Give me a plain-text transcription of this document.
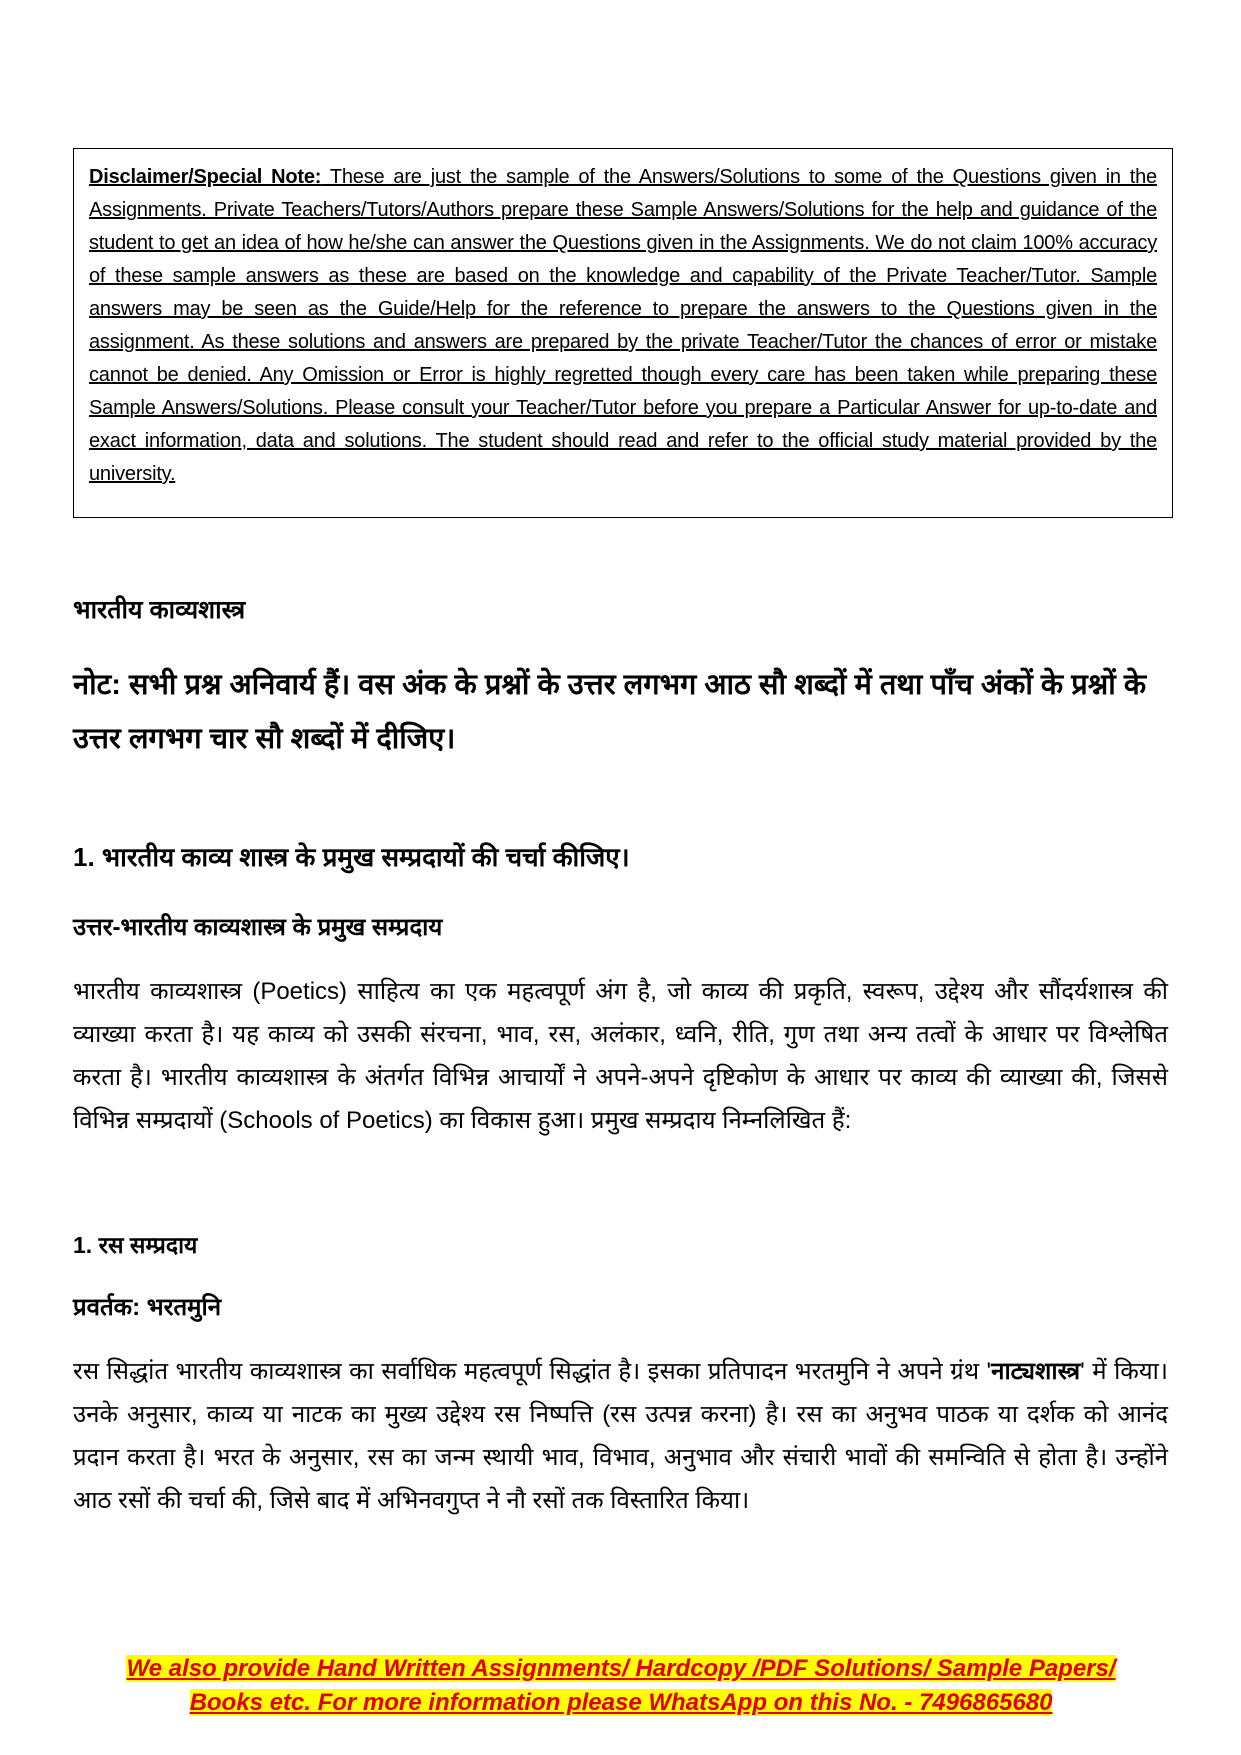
Disclaimer/Special Note: These are just the sample of the Answers/Solutions to some of the Questions given in the Assignments. Private Teachers/Tutors/Authors prepare these Sample Answers/Solutions for the help and guidance of the student to get an idea of how he/she can answer the Questions given in the Assignments. We do not claim 100% accuracy of these sample answers as these are based on the knowledge and capability of the Private Teacher/Tutor. Sample answers may be seen as the Guide/Help for the reference to prepare the answers to the Questions given in the assignment. As these solutions and answers are prepared by the private Teacher/Tutor the chances of error or mistake cannot be denied. Any Omission or Error is highly regretted though every care has been taken while preparing these Sample Answers/Solutions. Please consult your Teacher/Tutor before you prepare a Particular Answer for up-to-date and exact information, data and solutions. The student should read and refer to the official study material provided by the university.

भारतीय काव्यशास्त्र
नोट: सभी प्रश्न अनिवार्य हैं। वस अंक के प्रश्नों के उत्तर लगभग आठ सौ शब्दों में तथा पाँच अंकों के प्रश्नों के उत्तर लगभग चार सौ शब्दों में दीजिए।
1. भारतीय काव्य शास्त्र के प्रमुख सम्प्रदायों की चर्चा कीजिए।
उत्तर-भारतीय काव्यशास्त्र के प्रमुख सम्प्रदाय
भारतीय काव्यशास्त्र (Poetics) साहित्य का एक महत्वपूर्ण अंग है, जो काव्य की प्रकृति, स्वरूप, उद्देश्य और सौंदर्यशास्त्र की व्याख्या करता है। यह काव्य को उसकी संरचना, भाव, रस, अलंकार, ध्वनि, रीति, गुण तथा अन्य तत्वों के आधार पर विश्लेषित करता है। भारतीय काव्यशास्त्र के अंतर्गत विभिन्न आचार्यों ने अपने-अपने दृष्टिकोण के आधार पर काव्य की व्याख्या की, जिससे विभिन्न सम्प्रदायों (Schools of Poetics) का विकास हुआ। प्रमुख सम्प्रदाय निम्नलिखित हैं:
1. रस सम्प्रदाय
प्रवर्तक: भरतमुनि
रस सिद्धांत भारतीय काव्यशास्त्र का सर्वाधिक महत्वपूर्ण सिद्धांत है। इसका प्रतिपादन भरतमुनि ने अपने ग्रंथ 'नाट्यशास्त्र' में किया। उनके अनुसार, काव्य या नाटक का मुख्य उद्देश्य रस निष्पत्ति (रस उत्पन्न करना) है। रस का अनुभव पाठक या दर्शक को आनंद प्रदान करता है। भरत के अनुसार, रस का जन्म स्थायी भाव, विभाव, अनुभाव और संचारी भावों की समन्विति से होता है। उन्होंने आठ रसों की चर्चा की, जिसे बाद में अभिनवगुप्त ने नौ रसों तक विस्तारित किया।
We also provide Hand Written Assignments/ Hardcopy /PDF Solutions/ Sample Papers/
Books etc. For more information please WhatsApp on this No. - 7496865680
